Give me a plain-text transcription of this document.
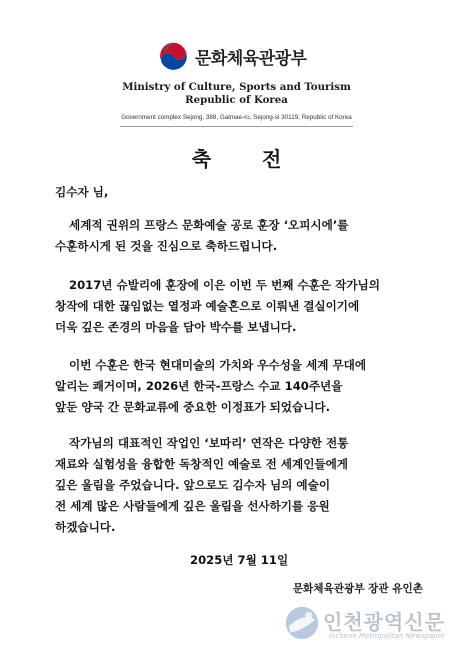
문화체육관광부
Ministry of Culture, Sports and Tourism
Republic of Korea
Government complex Sejong, 388, Galmae-ro, Sejong-si 30119, Republic of Korea
축 전
김수자 님,
세계적 권위의 프랑스 문화예술 공로 훈장 ‘오피시에’를
수훈하시게 된 것을 진심으로 축하드립니다.
2017년 슈발리에 훈장에 이은 이번 두 번째 수훈은 작가님의
창작에 대한 끊임없는 열정과 예술혼으로 이뤄낸 결실이기에
더욱 깊은 존경의 마음을 담아 박수를 보냅니다.
이번 수훈은 한국 현대미술의 가치와 우수성을 세계 무대에
알리는 쾌거이며, 2026년 한국-프랑스 수교 140주년을
앞둔 양국 간 문화교류에 중요한 이정표가 되었습니다.
작가님의 대표적인 작업인 ‘보따리’ 연작은 다양한 전통
재료와 실험성을 융합한 독창적인 예술로 전 세계인들에게
깊은 울림을 주었습니다. 앞으로도 김수자 님의 예술이
전 세계 많은 사람들에게 깊은 울림을 선사하기를 응원
하겠습니다.
2025년 7월 11일
문화체육관광부 장관 유인촌
인천광역신문
Incheon Metropolitan Newspaper
